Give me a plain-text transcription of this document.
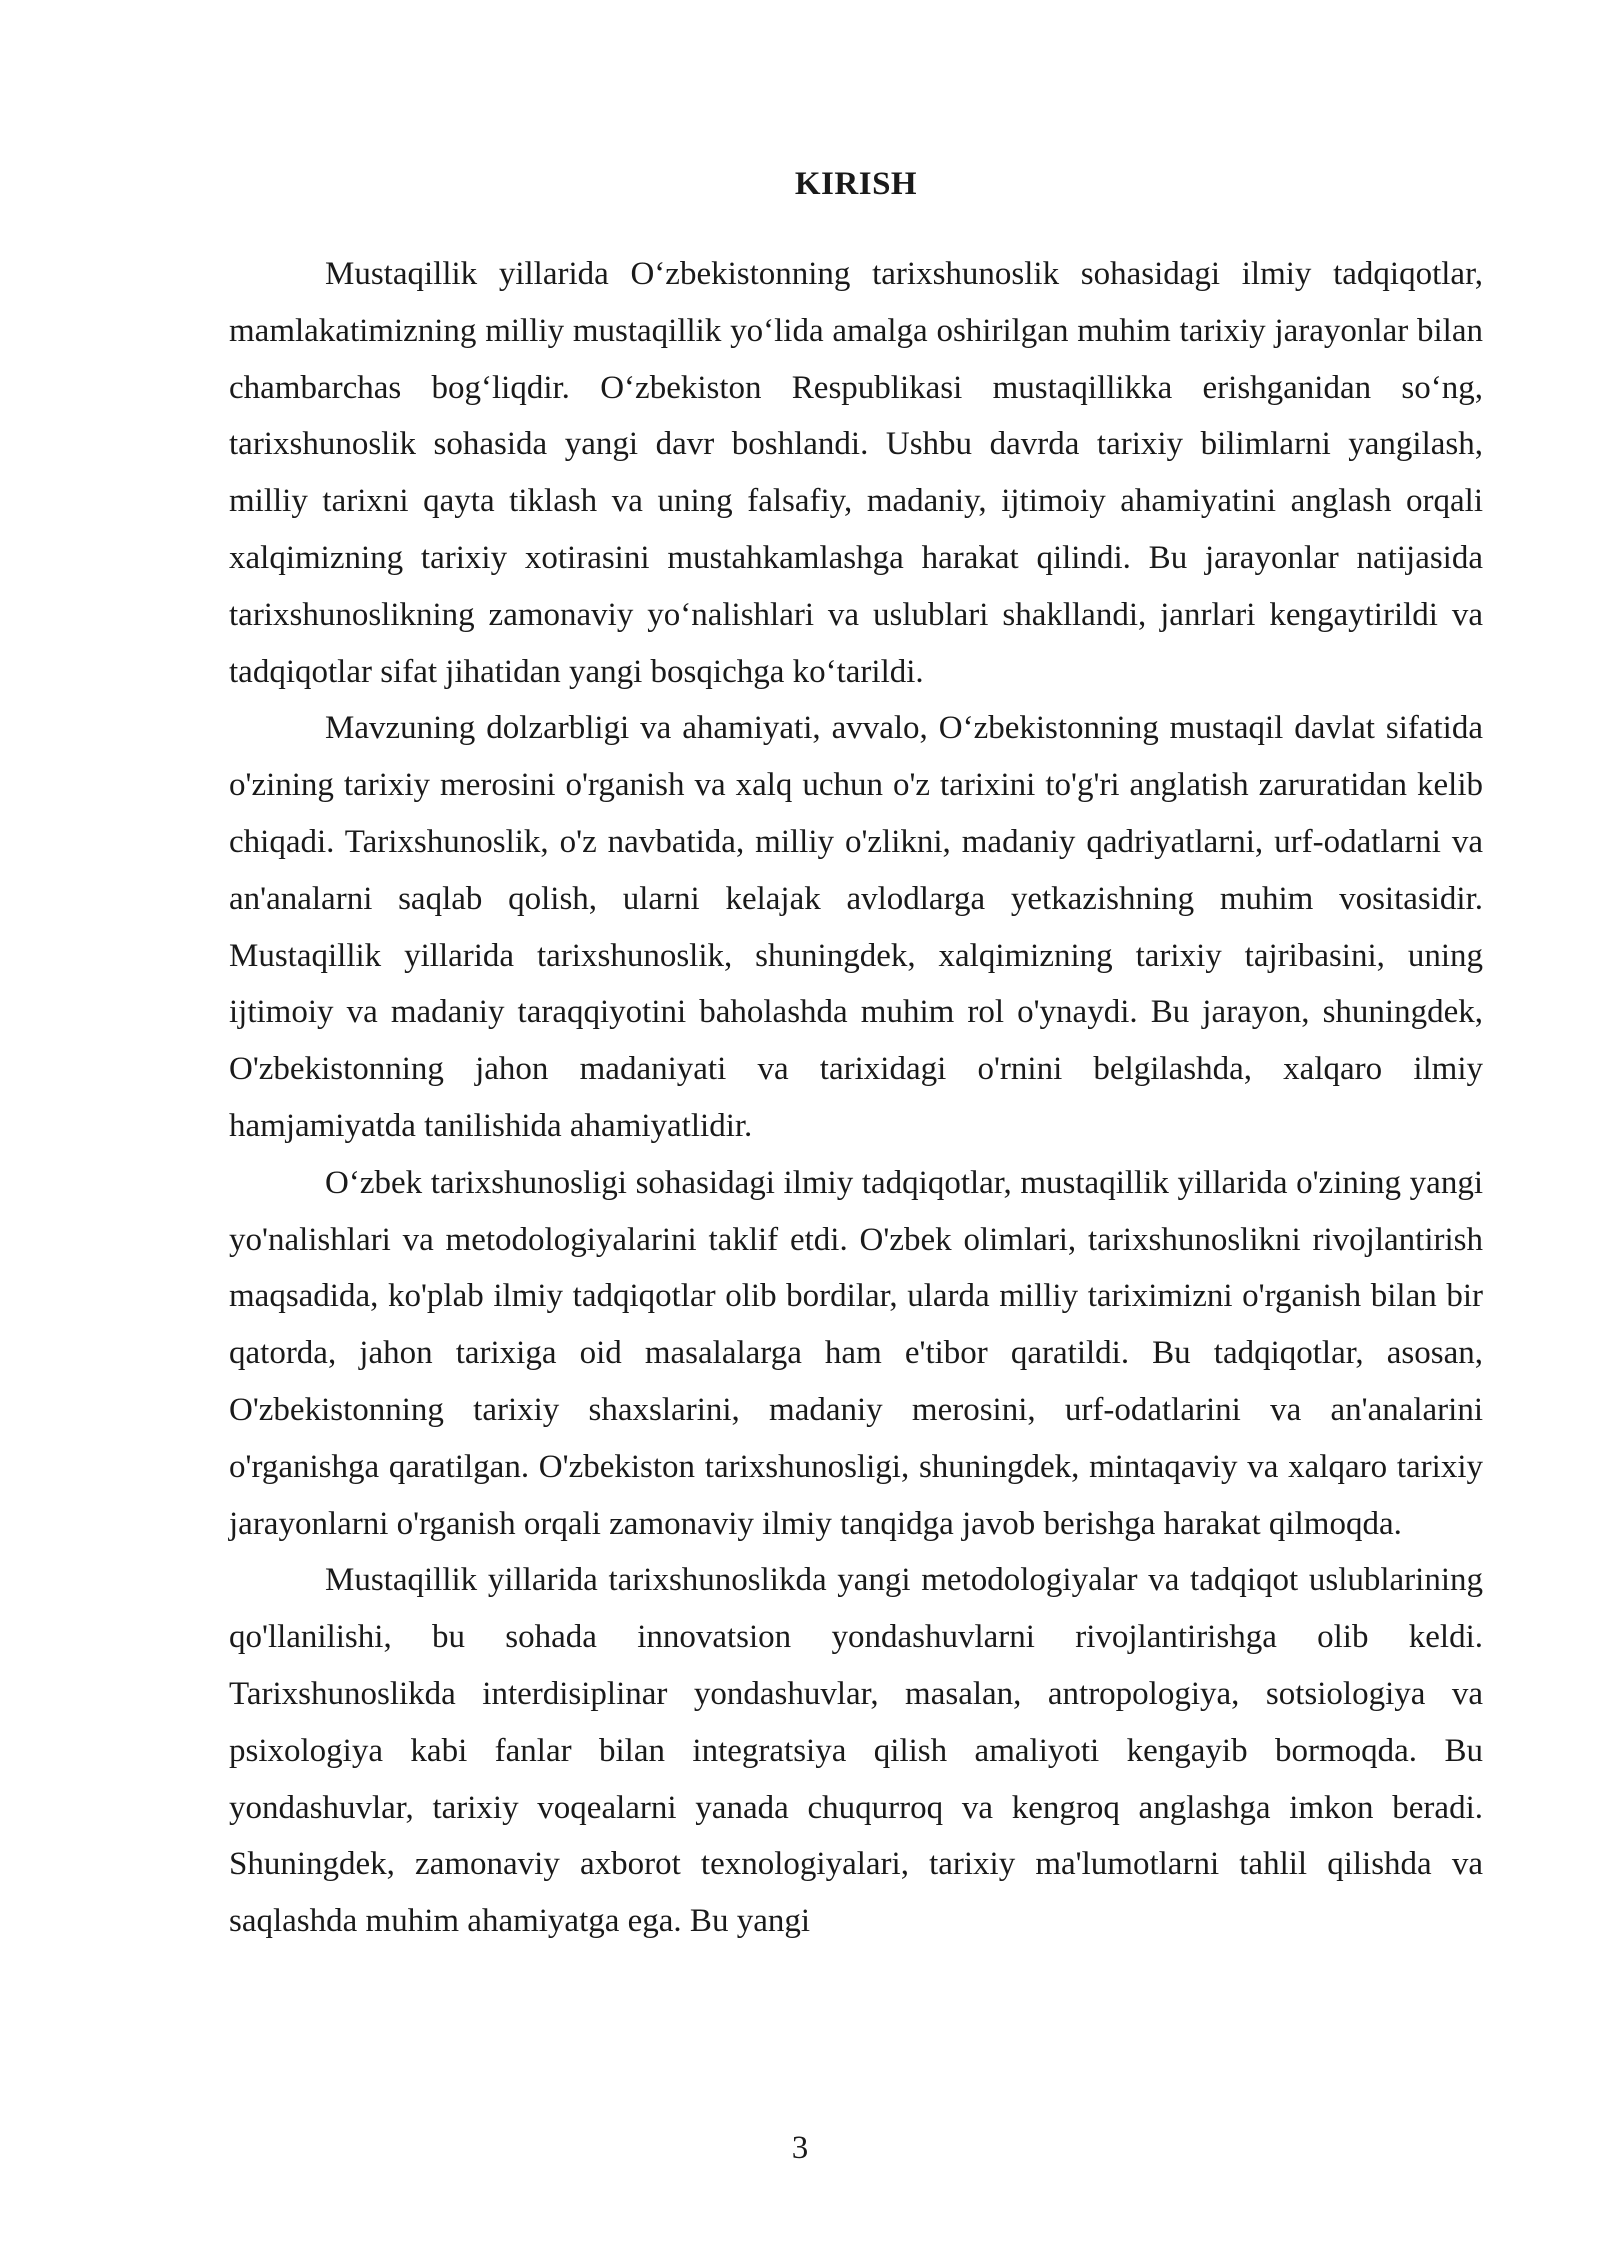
KIRISH

Mustaqillik yillarida O‘zbekistonning tarixshunoslik sohasidagi ilmiy tadqiqotlar, mamlakatimizning milliy mustaqillik yo‘lida amalga oshirilgan muhim tarixiy jarayonlar bilan chambarchas bog‘liqdir. O‘zbekiston Respublikasi mustaqillikka erishganidan so‘ng, tarixshunoslik sohasida yangi davr boshlandi. Ushbu davrda tarixiy bilimlarni yangilash, milliy tarixni qayta tiklash va uning falsafiy, madaniy, ijtimoiy ahamiyatini anglash orqali xalqimizning tarixiy xotirasini mustahkamlashga harakat qilindi. Bu jarayonlar natijasida tarixshunoslikning zamonaviy yo‘nalishlari va uslublari shakllandi, janrlari kengaytirildi va tadqiqotlar sifat jihatidan yangi bosqichga ko‘tarildi.

Mavzuning dolzarbligi va ahamiyati, avvalo, O‘zbekistonning mustaqil davlat sifatida o'zining tarixiy merosini o'rganish va xalq uchun o'z tarixini to'g'ri anglatish zaruratidan kelib chiqadi. Tarixshunoslik, o'z navbatida, milliy o'zlikni, madaniy qadriyatlarni, urf-odatlarni va an'analarni saqlab qolish, ularni kelajak avlodlarga yetkazishning muhim vositasidir. Mustaqillik yillarida tarixshunoslik, shuningdek, xalqimizning tarixiy tajribasini, uning ijtimoiy va madaniy taraqqiyotini baholashda muhim rol o'ynaydi. Bu jarayon, shuningdek, O'zbekistonning jahon madaniyati va tarixidagi o'rnini belgilashda, xalqaro ilmiy hamjamiyatda tanilishida ahamiyatlidir.

O‘zbek tarixshunosligi sohasidagi ilmiy tadqiqotlar, mustaqillik yillarida o'zining yangi yo'nalishlari va metodologiyalarini taklif etdi. O'zbek olimlari, tarixshunoslikni rivojlantirish maqsadida, ko'plab ilmiy tadqiqotlar olib bordilar, ularda milliy tariximizni o'rganish bilan bir qatorda, jahon tarixiga oid masalalarga ham e'tibor qaratildi. Bu tadqiqotlar, asosan, O'zbekistonning tarixiy shaxslarini, madaniy merosini, urf-odatlarini va an'analarini o'rganishga qaratilgan. O'zbekiston tarixshunosligi, shuningdek, mintaqaviy va xalqaro tarixiy jarayonlarni o'rganish orqali zamonaviy ilmiy tanqidga javob berishga harakat qilmoqda.

Mustaqillik yillarida tarixshunoslikda yangi metodologiyalar va tadqiqot uslublarining qo'llanilishi, bu sohada innovatsion yondashuvlarni rivojlantirishga olib keldi. Tarixshunoslikda interdisiplinar yondashuvlar, masalan, antropologiya, sotsiologiya va psixologiya kabi fanlar bilan integratsiya qilish amaliyoti kengayib bormoqda. Bu yondashuvlar, tarixiy voqealarni yanada chuqurroq va kengroq anglashga imkon beradi. Shuningdek, zamonaviy axborot texnologiyalari, tarixiy ma'lumotlarni tahlil qilishda va saqlashda muhim ahamiyatga ega. Bu yangi

3
